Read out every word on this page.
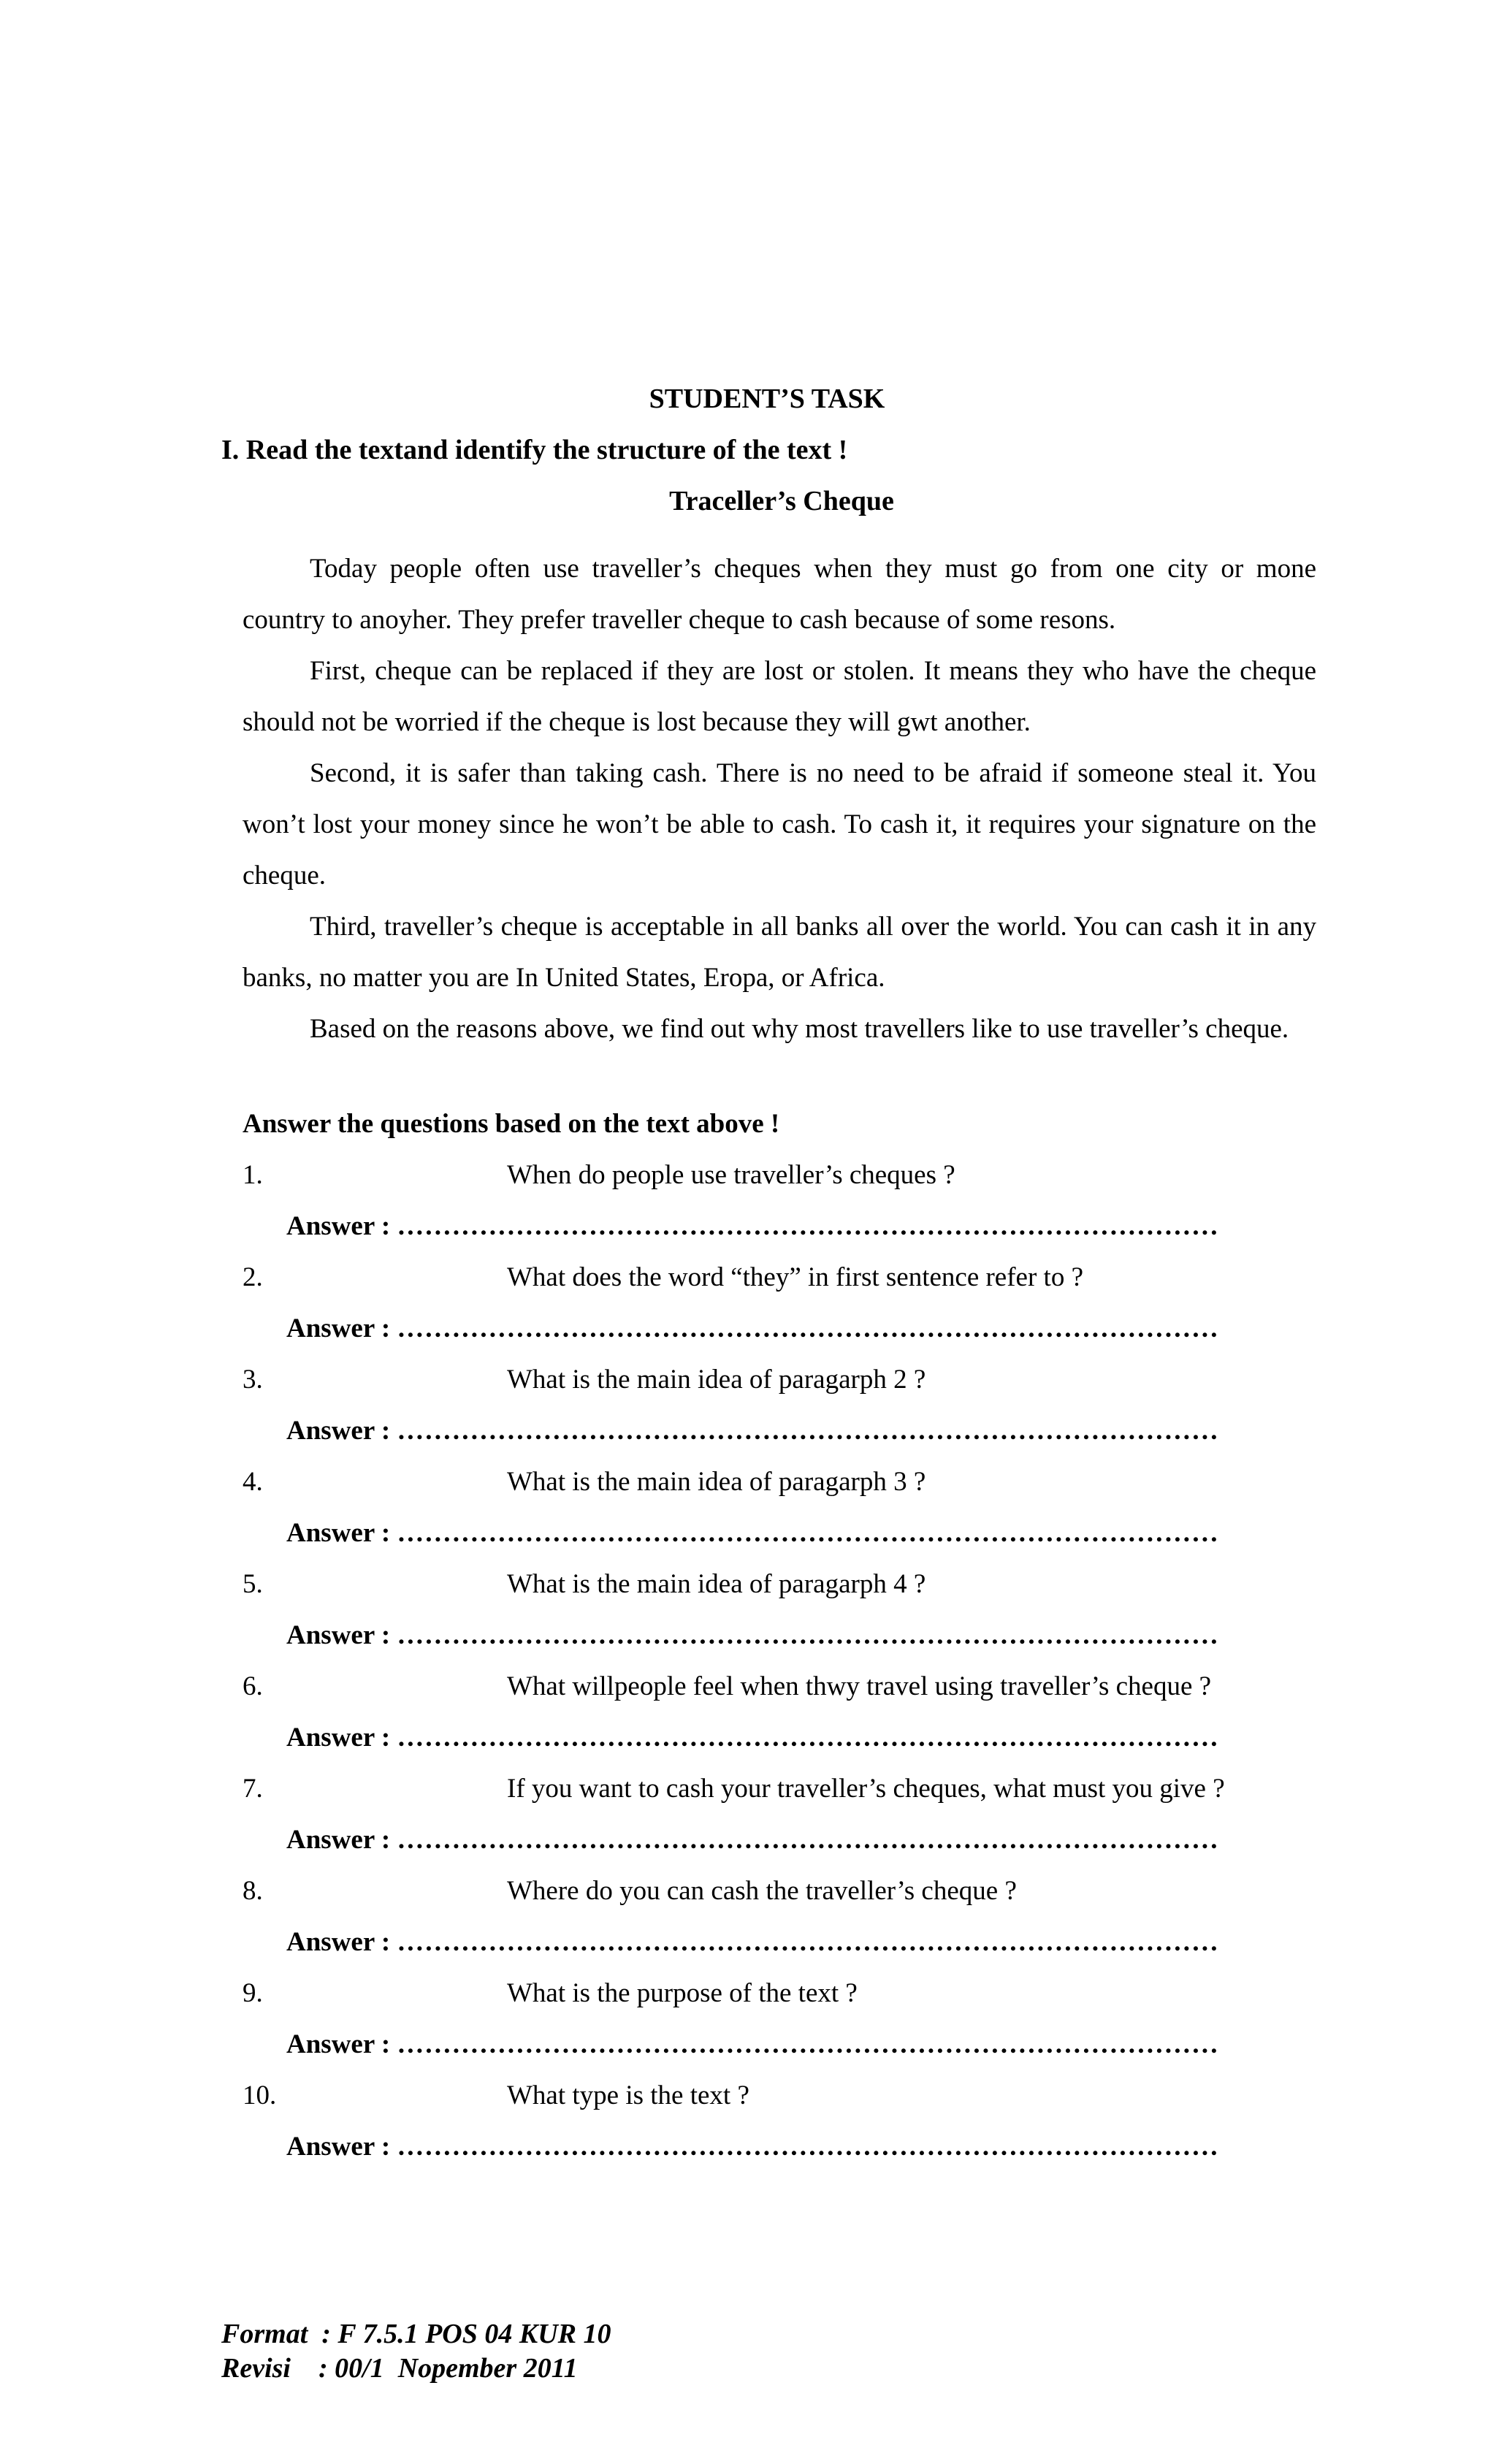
STUDENT’S TASK
I. Read the textand identify the structure of the text !
Traceller’s Cheque

Today people often use traveller’s cheques when they must go from one city or mone country to anoyher. They prefer traveller cheque to cash because of some resons.

First, cheque can be replaced if they are lost or stolen. It means they who have the cheque should not be worried if the cheque is lost because they will gwt another.

Second, it is safer than taking cash. There is no need to be afraid if someone steal it. You won’t lost your money since he won’t be able to cash. To cash it, it requires your signature on the cheque.

Third, traveller’s cheque is acceptable in all banks all over the world. You can cash it in any banks, no matter you are In United States, Eropa, or Africa.

Based on the reasons above, we find out why most travellers like to use traveller’s cheque.

Answer the questions based on the text above !
1.	When do people use traveller’s cheques ?
Answer : ………………………………………………………………………………
2.	What does the word “they” in first sentence refer to ?
Answer : ………………………………………………………………………………
3.	What is the main idea of paragarph 2 ?
Answer : ………………………………………………………………………………
4.	What is the main idea of paragarph 3 ?
Answer : ………………………………………………………………………………
5.	What is the main idea of paragarph 4 ?
Answer : ………………………………………………………………………………
6.	What willpeople feel when thwy travel using traveller’s cheque ?
Answer : ………………………………………………………………………………
7.	If you want to cash your traveller’s cheques, what must you give ?
Answer : ………………………………………………………………………………
8.	Where do you can cash the traveller’s cheque ?
Answer : ………………………………………………………………………………
9.	What is the purpose of the text ?
Answer : ………………………………………………………………………………
10.	What type is the text ?
Answer : ………………………………………………………………………………
Format  : F 7.5.1 POS 04 KUR 10
Revisi    : 00/1  Nopember 2011
